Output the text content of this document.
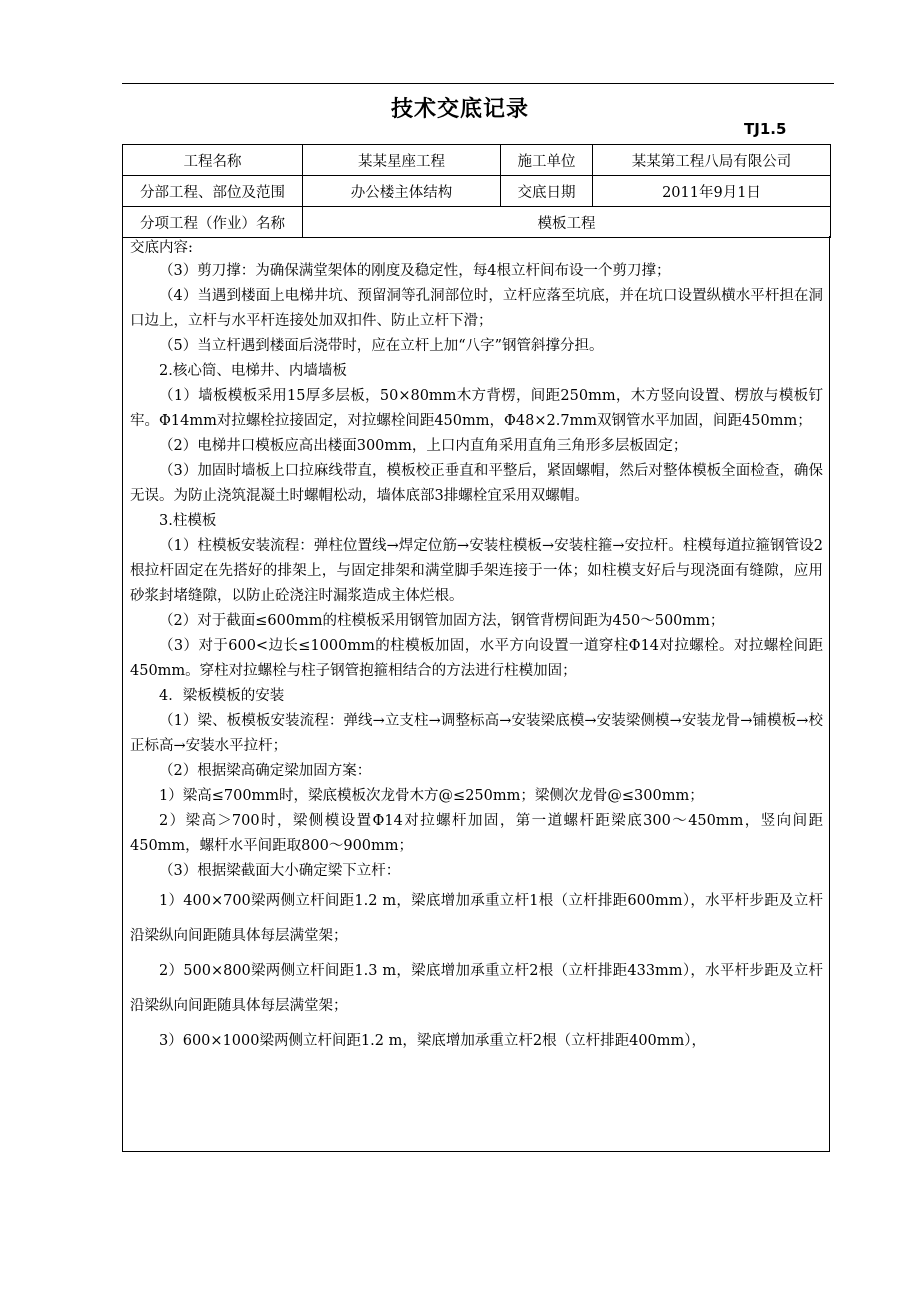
技术交底记录
TJ1.5
工程名称	某某星座工程	施工单位	某某第工程八局有限公司
分部工程、部位及范围	办公楼主体结构	交底日期	2011年9月1日
分项工程（作业）名称	模板工程		
交底内容:

（3）剪刀撑：为确保满堂架体的刚度及稳定性，每4根立杆间布设一个剪刀撑；

（4）当遇到楼面上电梯井坑、预留洞等孔洞部位时，立杆应落至坑底，并在坑口设置纵横水平杆担在洞口边上，立杆与水平杆连接处加双扣件、防止立杆下滑；

（5）当立杆遇到楼面后浇带时，应在立杆上加“八字”钢管斜撑分担。

2.核心筒、电梯井、内墙墙板

（1）墙板模板采用15厚多层板，50×80mm木方背楞，间距250mm，木方竖向设置、楞放与模板钉牢。Φ14mm对拉螺栓拉接固定，对拉螺栓间距450mm，Φ48×2.7mm双钢管水平加固，间距450mm；

（2）电梯井口模板应高出楼面300mm，上口内直角采用直角三角形多层板固定；

（3）加固时墙板上口拉麻线带直，模板校正垂直和平整后，紧固螺帽，然后对整体模板全面检查，确保无误。为防止浇筑混凝土时螺帽松动，墙体底部3排螺栓宜采用双螺帽。

3.柱模板

（1）柱模板安装流程：弹柱位置线→焊定位筋→安装柱模板→安装柱箍→安拉杆。柱模每道拉箍钢管设2根拉杆固定在先搭好的排架上，与固定排架和满堂脚手架连接于一体；如柱模支好后与现浇面有缝隙，应用砂浆封堵缝隙，以防止砼浇注时漏浆造成主体烂根。

（2）对于截面≤600mm的柱模板采用钢管加固方法，钢管背楞间距为450～500mm；

（3）对于600<边长≤1000mm的柱模板加固，水平方向设置一道穿柱Φ14对拉螺栓。对拉螺栓间距450mm。穿柱对拉螺栓与柱子钢管抱箍相结合的方法进行柱模加固；

4．梁板模板的安装

（1）梁、板模板安装流程：弹线→立支柱→调整标高→安装梁底模→安装梁侧模→安装龙骨→铺模板→校正标高→安装水平拉杆；

（2）根据梁高确定梁加固方案：

1）梁高≤700mm时，梁底模板次龙骨木方@≤250mm；梁侧次龙骨@≤300mm；

2）梁高＞700时，梁侧模设置Φ14对拉螺杆加固，第一道螺杆距梁底300～450mm，竖向间距450mm，螺杆水平间距取800～900mm；

（3）根据梁截面大小确定梁下立杆：

1）400×700梁两侧立杆间距1.2 m，梁底增加承重立杆1根（立杆排距600mm），水平杆步距及立杆沿梁纵向间距随具体每层满堂架；

2）500×800梁两侧立杆间距1.3 m，梁底增加承重立杆2根（立杆排距433mm），水平杆步距及立杆沿梁纵向间距随具体每层满堂架；

3）600×1000梁两侧立杆间距1.2 m，梁底增加承重立杆2根（立杆排距400mm），
